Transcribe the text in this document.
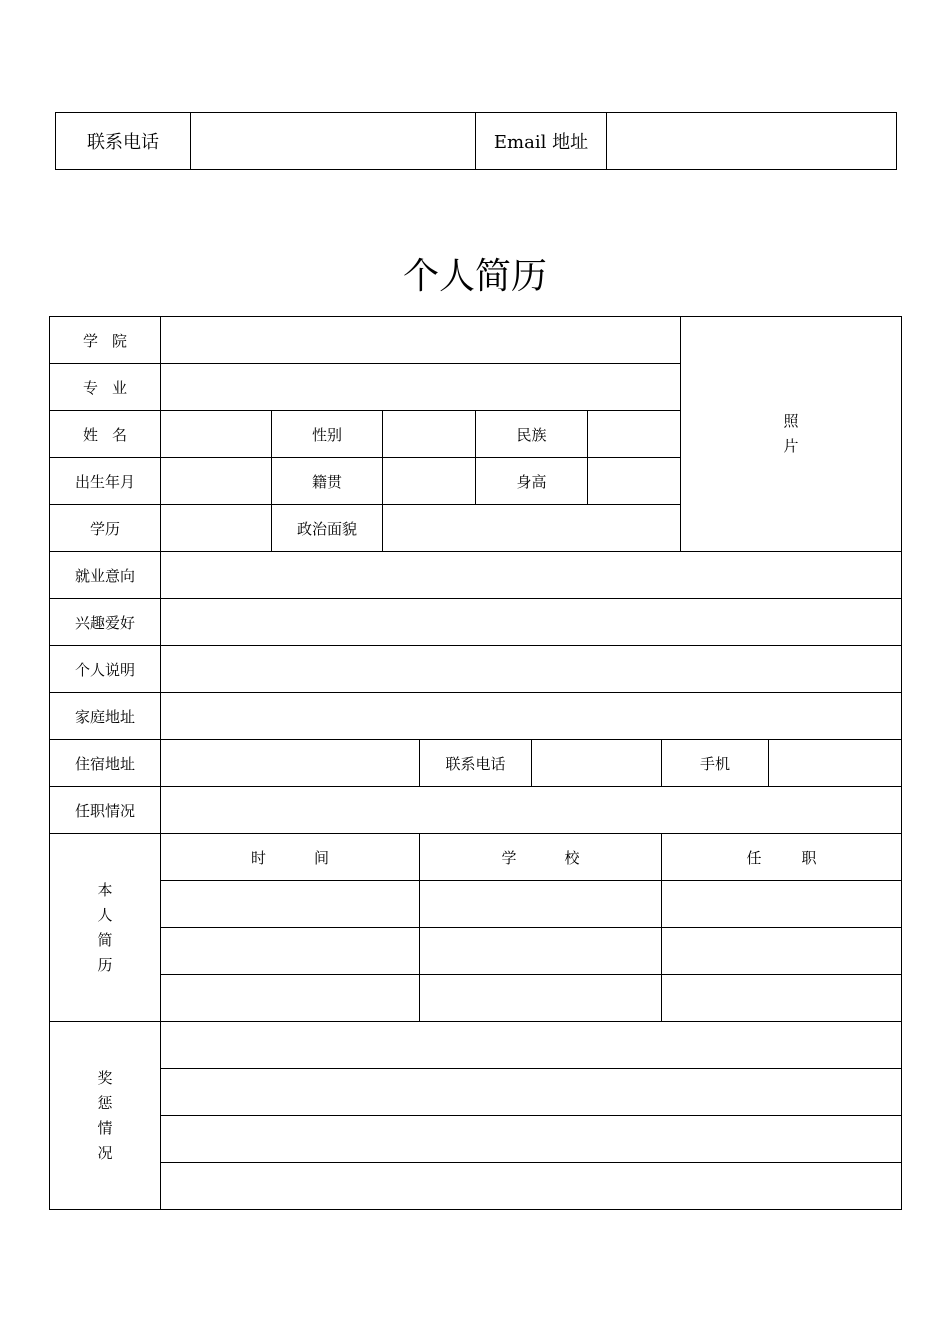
联系电话		Email 地址	
个人简历
学 院									照片	
专 业										
姓 名		性别			民族					
出生年月		籍贯			身高					
学历		政治面貌								
就业意向										
兴趣爱好										
个人说明										
家庭地址										
住宿地址				联系电话				手机		
任职情况										
本人简历	时 间			学 校				任 职		

奖惩情况										
